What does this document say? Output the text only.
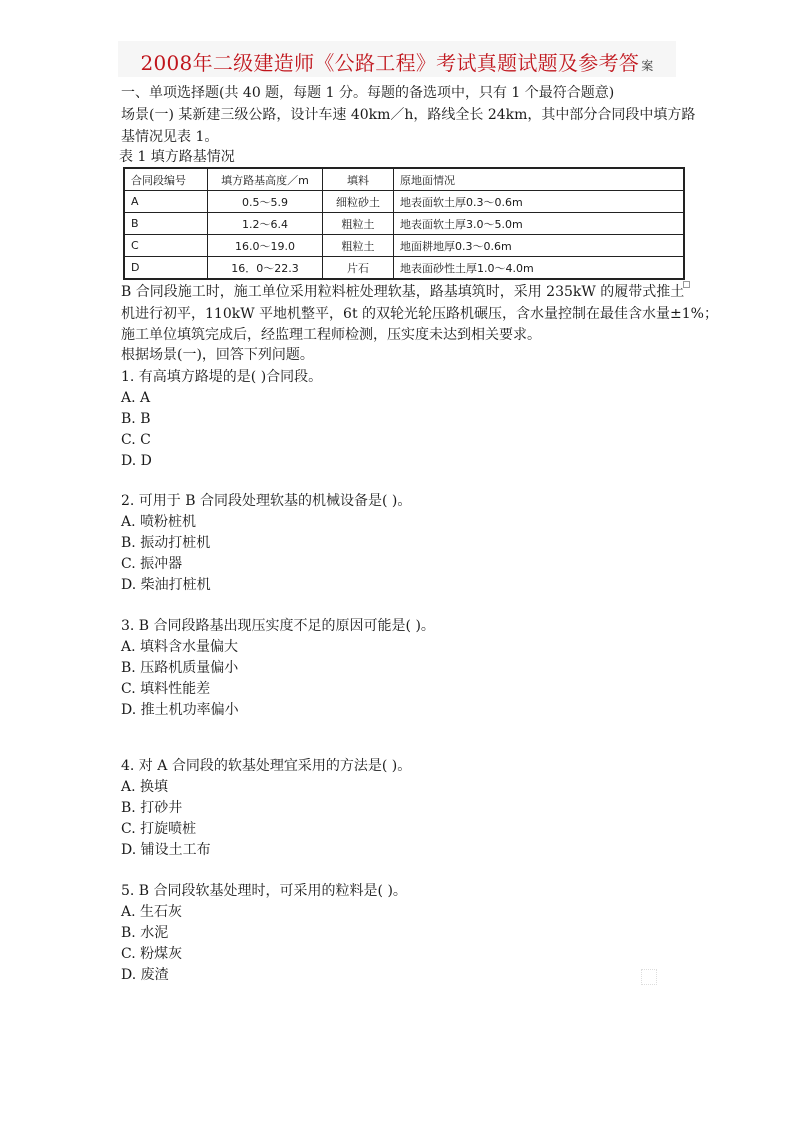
2008年二级建造师《公路工程》考试真题试题及参考答 案
一、单项选择题(共 40 题，每题 1 分。每题的备选项中，只有 1 个最符合题意)
场景(一) 某新建三级公路，设计车速 40km／h，路线全长 24km，其中部分合同段中填方路
基情况见表 1。
表 1 填方路基情况
合同段编号	填方路基高度／m	填料	原地面情况
A	0.5～5.9	细粒砂土	地表面软土厚0.3～0.6m
B	1.2～6.4	粗粒土	地表面软土厚3.0～5.0m
C	16.0～19.0	粗粒土	地面耕地厚0.3～0.6m
D	16．0～22.3	片石	地表面砂性土厚1.0～4.0m
B 合同段施工时，施工单位采用粒料桩处理软基，路基填筑时，采用 235kW 的履带式推土
机进行初平，110kW 平地机整平，6t 的双轮光轮压路机碾压，含水量控制在最佳含水量±1%；
施工单位填筑完成后，经监理工程师检测，压实度未达到相关要求。
根据场景(一)，回答下列问题。
1. 有高填方路堤的是( )合同段。
A. A
B. B
C. C
D. D
2. 可用于 B 合同段处理软基的机械设备是( )。
A. 喷粉桩机
B. 振动打桩机
C. 振冲器
D. 柴油打桩机
3. B 合同段路基出现压实度不足的原因可能是( )。
A. 填料含水量偏大
B. 压路机质量偏小
C. 填料性能差
D. 推土机功率偏小
4. 对 A 合同段的软基处理宜采用的方法是( )。
A. 换填
B. 打砂井
C. 打旋喷桩
D. 铺设土工布
5. B 合同段软基处理时，可采用的粒料是( )。
A. 生石灰
B. 水泥
C. 粉煤灰
D. 废渣
